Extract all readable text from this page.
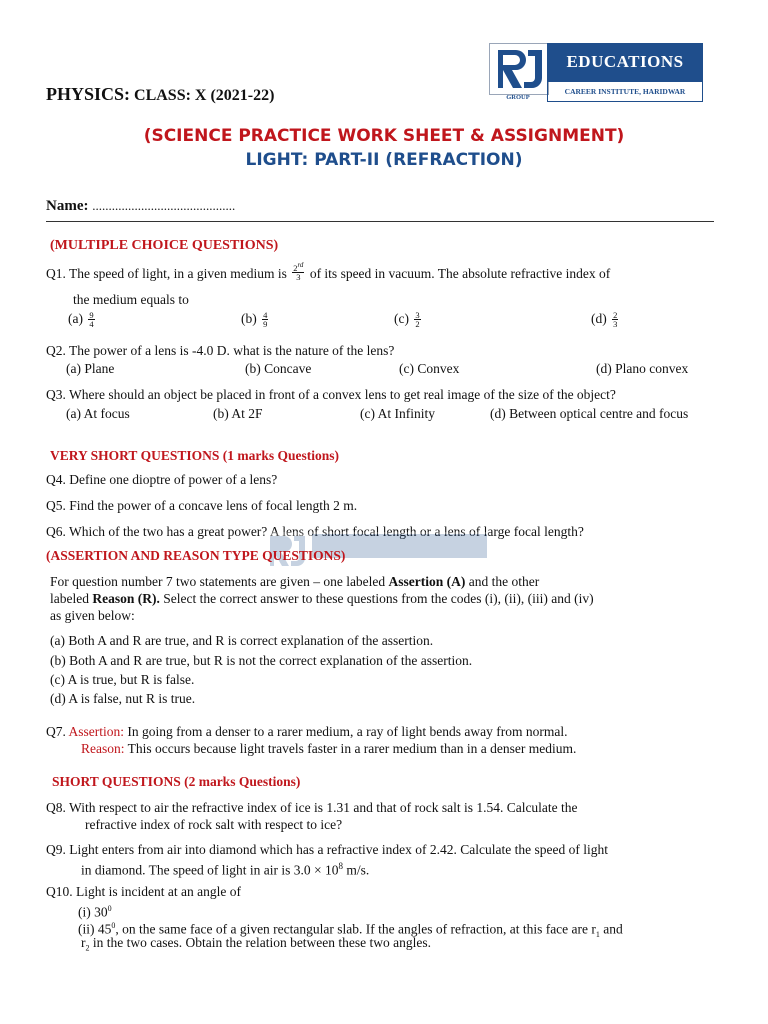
PHYSICS: CLASS: X (2021-22)	GROUP
EDUCATIONS
CAREER INSTITUTE, HARIDWAR
(SCIENCE PRACTICE WORK SHEET & ASSIGNMENT)
LIGHT: PART-II (REFRACTION)
Name: ............................................
(MULTIPLE CHOICE QUESTIONS)
Q1. The speed of light, in a given medium is $\frac{2^{rd}}{3}$ of its speed in vacuum. The absolute refractive index of
the medium equals to
$(a) \frac{9}{4}$	$(b) \frac{4}{9}$	$(c) \frac{3}{2}$	$(d) \frac{2}{3}$
Q2. The power of a lens is -4.0 D. what is the nature of the lens?
(a) Plane	(b) Concave	(c) Convex	(d) Plano convex
Q3. Where should an object be placed in front of a convex lens to get real image of the size of the object?
(a) At focus	(b) At 2F	(c) At Infinity	(d) Between optical centre and focus
VERY SHORT QUESTIONS (1 marks Questions)
Q4. Define one dioptre of power of a lens?
Q5. Find the power of a concave lens of focal length 2 m.
Q6. Which of the two has a great power? A lens of short focal length or a lens of large focal length?
(ASSERTION AND REASON TYPE QUESTIONS)
For question number 7 two statements are given – one labeled Assertion (A) and the other
labeled Reason (R). Select the correct answer to these questions from the codes (i), (ii), (iii) and (iv)
as given below:
(a) Both A and R are true, and R is correct explanation of the assertion.
(b) Both A and R are true, but R is not the correct explanation of the assertion.
(c) A is true, but R is false.
(d) A is false, nut R is true.
Q7. Assertion: In going from a denser to a rarer medium, a ray of light bends away from normal.
Reason: This occurs because light travels faster in a rarer medium than in a denser medium.
SHORT QUESTIONS (2 marks Questions)
Q8. With respect to air the refractive index of ice is 1.31 and that of rock salt is 1.54. Calculate the
refractive index of rock salt with respect to ice?
Q9. Light enters from air into diamond which has a refractive index of 2.42. Calculate the speed of light
in diamond. The speed of light in air is $3.0 \times 10^8$ m/s.
Q10. Light is incident at an angle of
(i) $30^0$
(ii) $45^0$, on the same face of a given rectangular slab. If the angles of refraction, at this face are $r_1$ and
$r_2$ in the two cases. Obtain the relation between these two angles.
